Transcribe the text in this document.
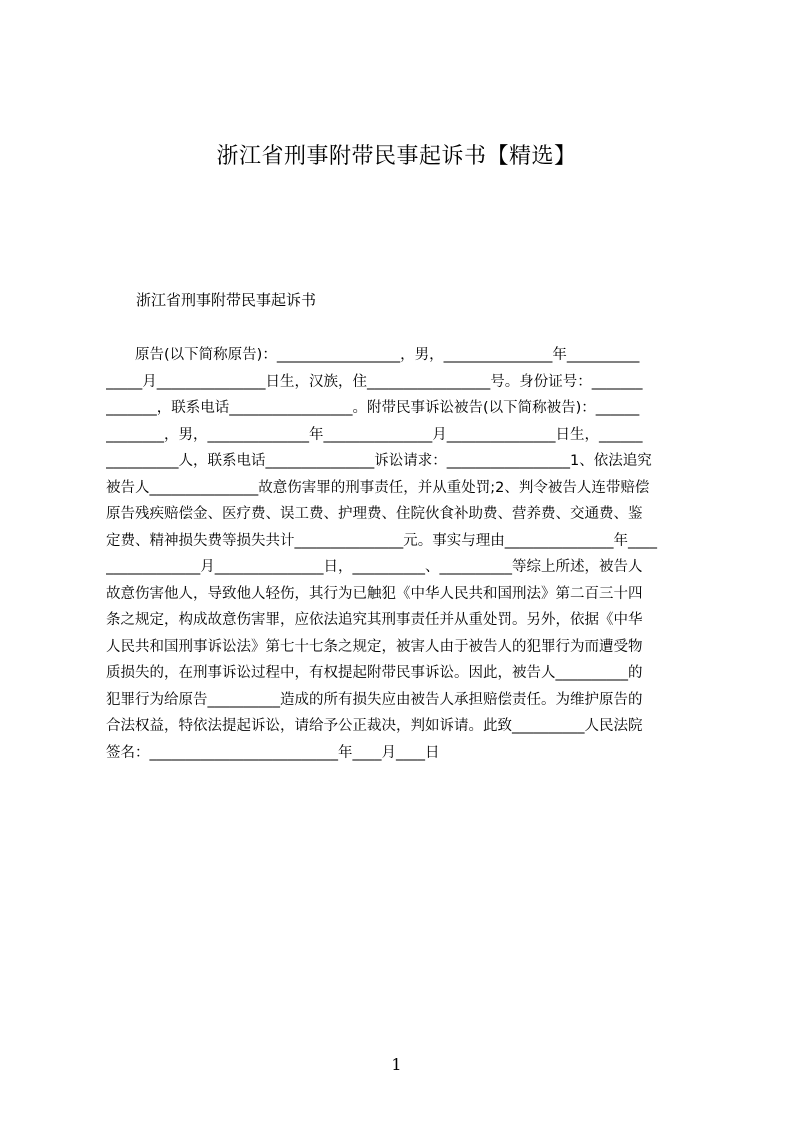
浙江省刑事附带民事起诉书【精选】
浙江省刑事附带民事起诉书
　　原告(以下简称原告)：_________________，男，_______________年__________
_____月_______________日生，汉族，住_________________号。身份证号：_______
_______，联系电话_________________。附带民事诉讼被告(以下简称被告)：______
________，男，______________年_______________月_______________日生，______
__________人，联系电话_______________诉讼请求：_________________1、依法追究
被告人_______________故意伤害罪的刑事责任，并从重处罚;2、判令被告人连带赔偿
原告残疾赔偿金、医疗费、误工费、护理费、住院伙食补助费、营养费、交通费、鉴
定费、精神损失费等损失共计_______________元。事实与理由_______________年____
_____________月_______________日，__________、__________等综上所述，被告人
故意伤害他人，导致他人轻伤，其行为已触犯《中华人民共和国刑法》第二百三十四
条之规定，构成故意伤害罪，应依法追究其刑事责任并从重处罚。另外，依据《中华
人民共和国刑事诉讼法》第七十七条之规定，被害人由于被告人的犯罪行为而遭受物
质损失的，在刑事诉讼过程中，有权提起附带民事诉讼。因此，被告人__________的
犯罪行为给原告__________造成的所有损失应由被告人承担赔偿责任。为维护原告的
合法权益，特依法提起诉讼，请给予公正裁决，判如诉请。此致__________人民法院
签名：__________________________年____月____日
1
